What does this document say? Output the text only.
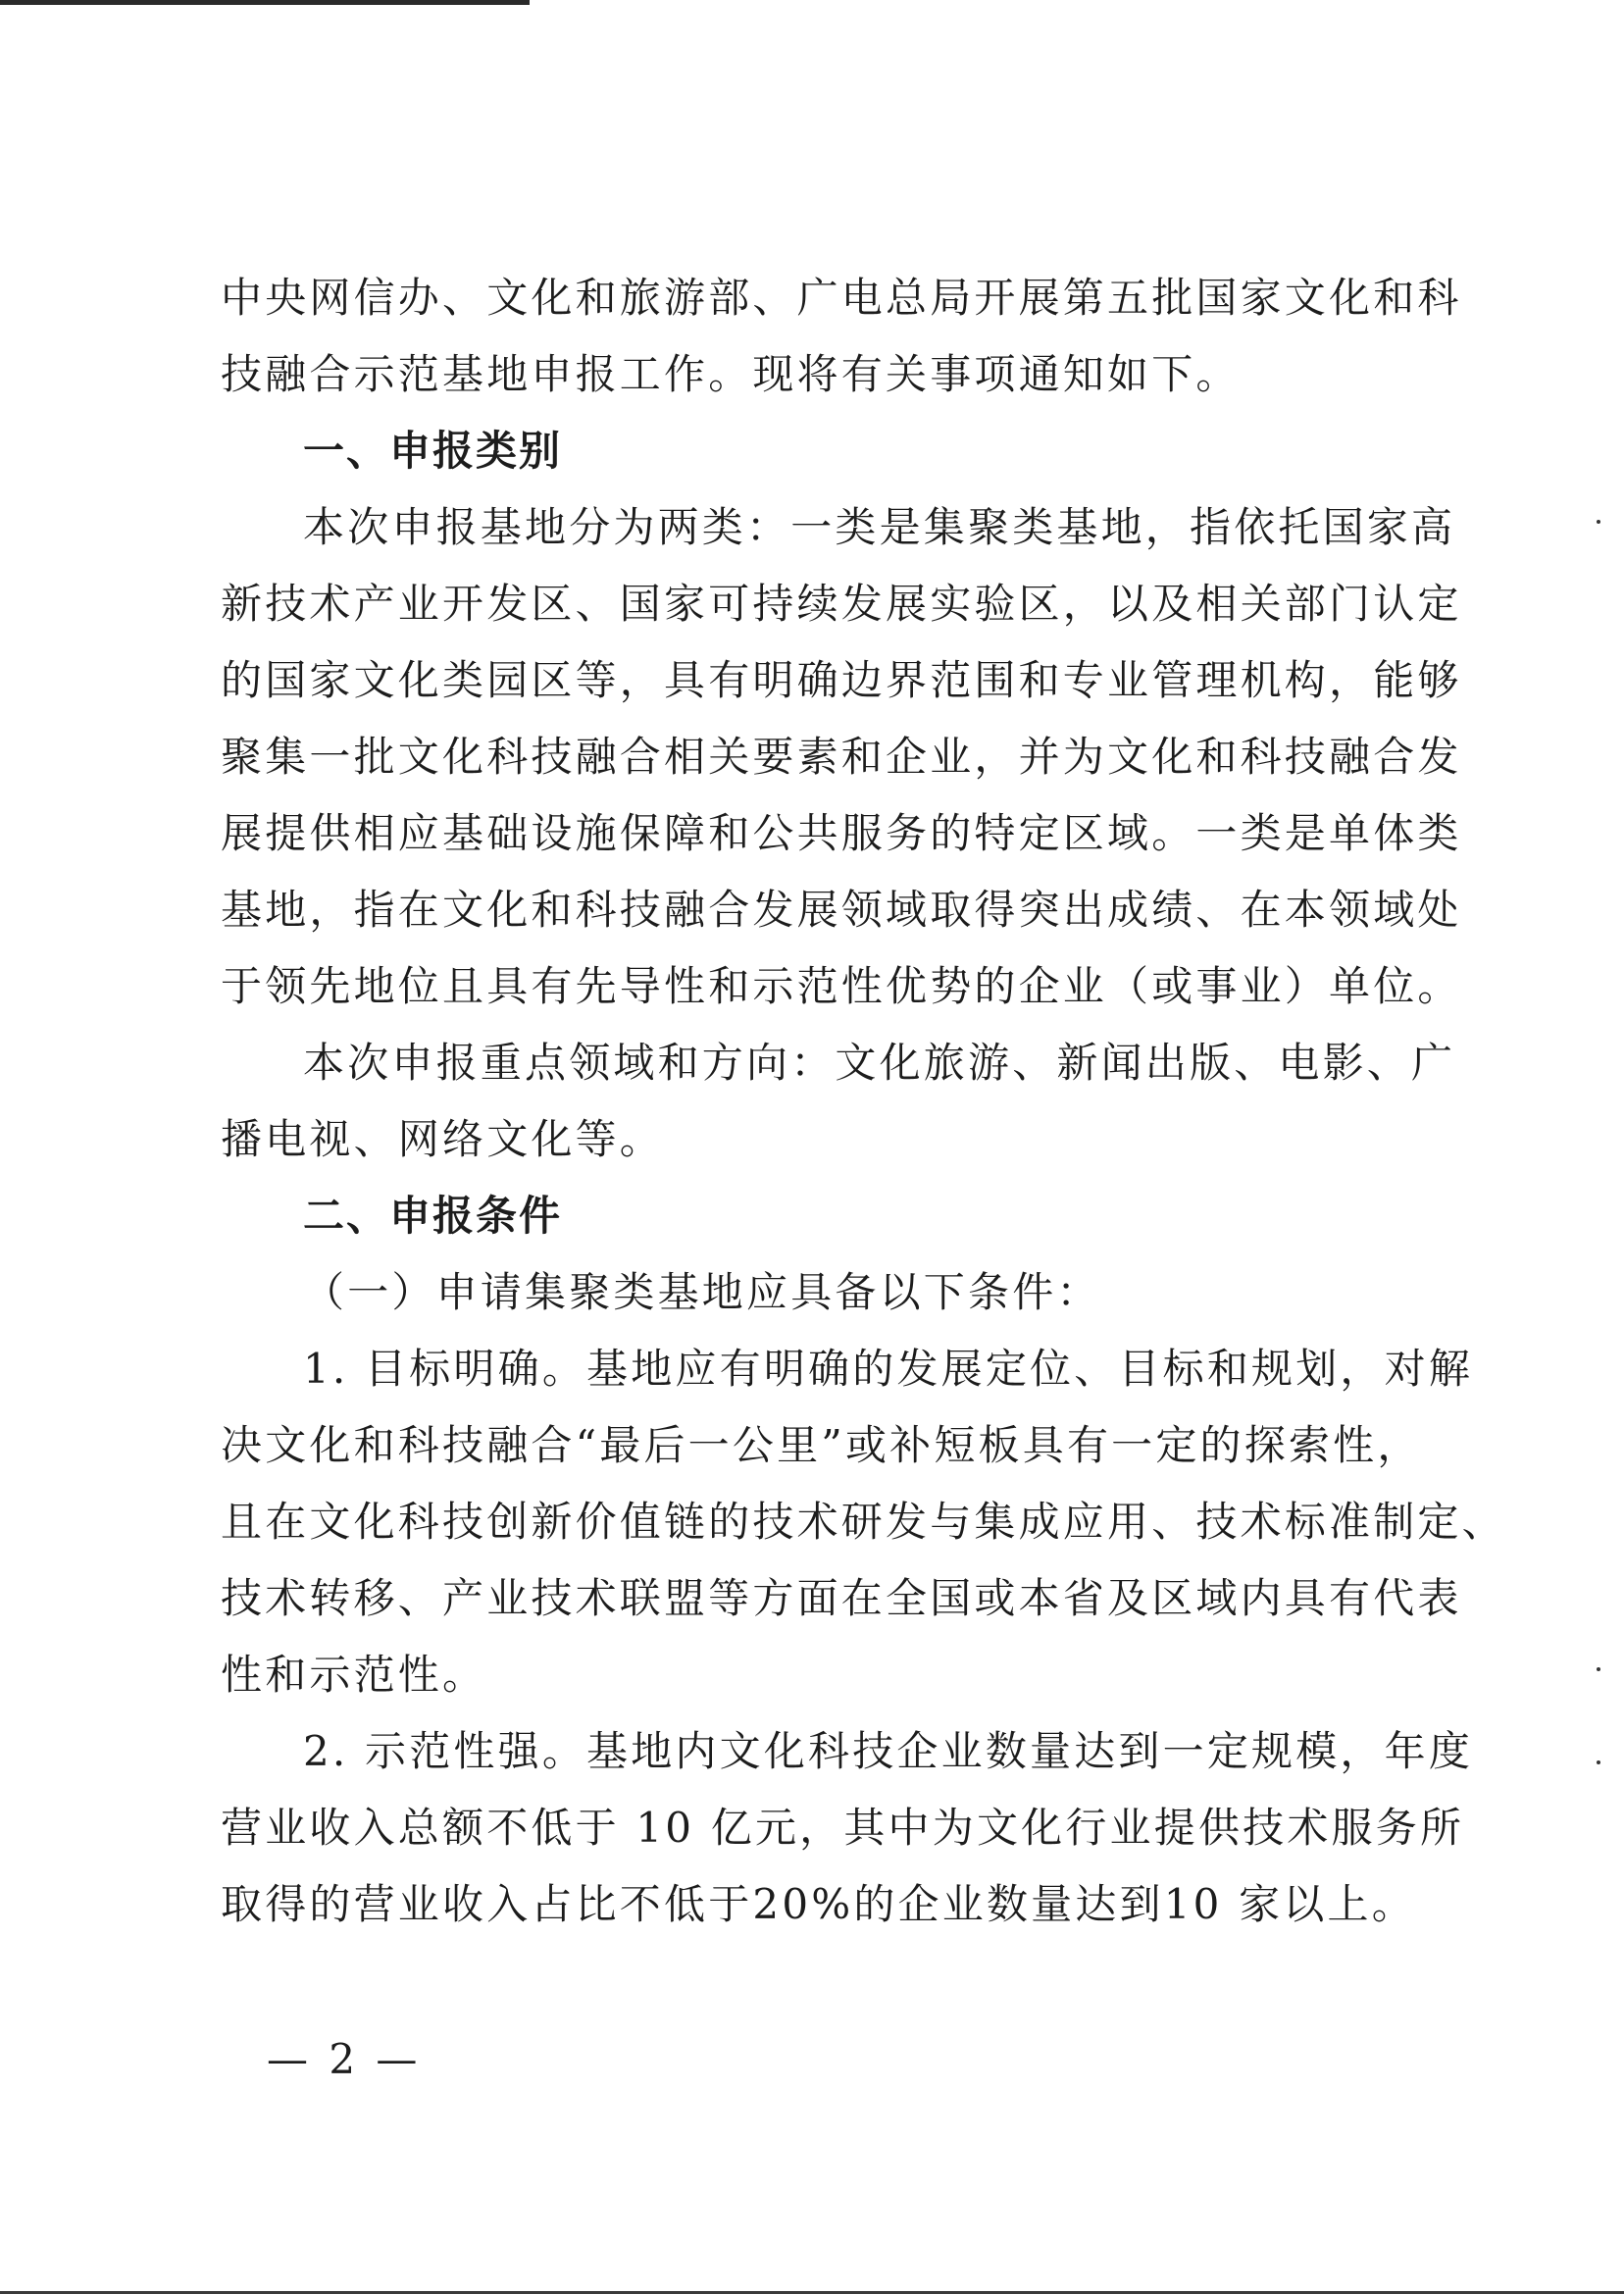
中央网信办、文化和旅游部、广电总局开展第五批国家文化和科
技融合示范基地申报工作。现将有关事项通知如下。
一、申报类别
本次申报基地分为两类：一类是集聚类基地，指依托国家高
新技术产业开发区、国家可持续发展实验区，以及相关部门认定
的国家文化类园区等，具有明确边界范围和专业管理机构，能够
聚集一批文化科技融合相关要素和企业，并为文化和科技融合发
展提供相应基础设施保障和公共服务的特定区域。一类是单体类
基地，指在文化和科技融合发展领域取得突出成绩、在本领域处
于领先地位且具有先导性和示范性优势的企业（或事业）单位。
本次申报重点领域和方向：文化旅游、新闻出版、电影、广
播电视、网络文化等。
二、申报条件
（一）申请集聚类基地应具备以下条件：
1. 目标明确。基地应有明确的发展定位、目标和规划，对解
决文化和科技融合“最后一公里”或补短板具有一定的探索性，
且在文化科技创新价值链的技术研发与集成应用、技术标准制定、
技术转移、产业技术联盟等方面在全国或本省及区域内具有代表
性和示范性。
2. 示范性强。基地内文化科技企业数量达到一定规模，年度
营业收入总额不低于 10 亿元，其中为文化行业提供技术服务所
取得的营业收入占比不低于20%的企业数量达到10 家以上。
— 2 —
